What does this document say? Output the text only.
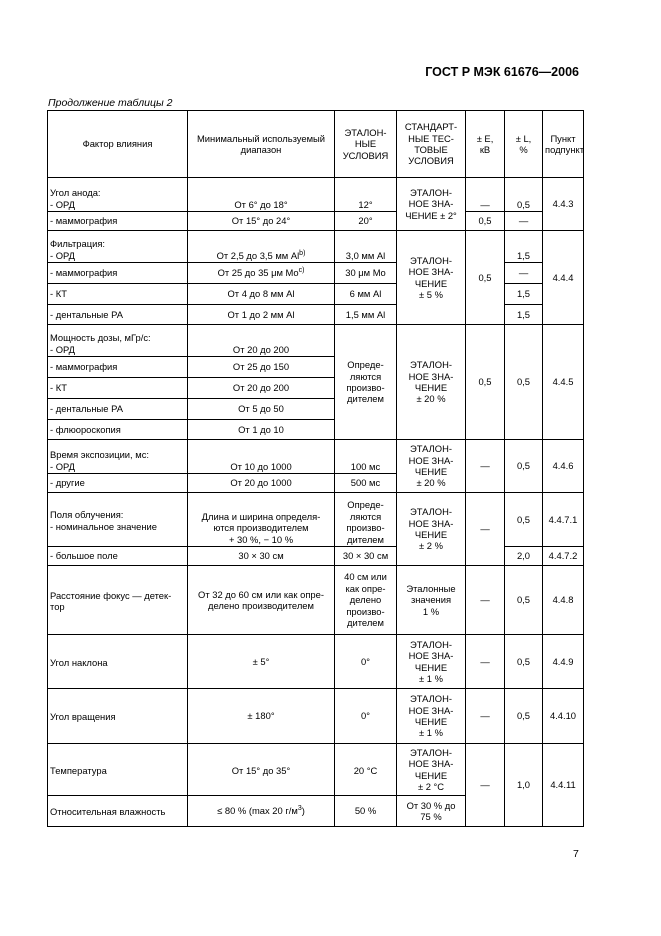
ГОСТ Р МЭК 61676—2006
Продолжение таблицы 2
Фактор влияния	Минимальный используемый диапазон	ЭТАЛОН-
НЫЕ
УСЛОВИЯ	СТАНДАРТ-
НЫЕ ТЕС-
ТОВЫЕ
УСЛОВИЯ	± E,
кВ	± L,
%	Пункт
подпункт

Угол анода:
- ОРД	От 6° до 18°	12°	ЭТАЛОН-
НОЕ ЗНА-
ЧЕНИЕ ± 2°	—	0,5	4.4.3
- маммография	От 15° до 24°	20°		0,5	—	

Фильтрация:
- ОРД	От 2,5 до 3,5 мм Al$^{b)}$	3,0 мм Al	ЭТАЛОН-
НОЕ ЗНА-
ЧЕНИЕ
± 5 %	0,5	1,5	4.4.4
- маммография	От 25 до 35 μм Mo$^{c)}$	30 μм Mo			—	
- КТ	От 4 до 8 мм Al	6 мм Al			1,5	
- дентальные РА	От 1 до 2 мм Al	1,5 мм Al			1,5	

Мощность дозы, мГр/с:
- ОРД	От 20 до 200	Опреде-
ляются
произво-
дителем	ЭТАЛОН-
НОЕ ЗНА-
ЧЕНИЕ
± 20 %	0,5	0,5	4.4.5
- маммография	От 25 до 150					
- КТ	От 20 до 200					
- дентальные РА	От 5 до 50					
- флюороскопия	От 1 до 10					

Время экспозиции, мс:
- ОРД	От 10 до 1000	100 мс	ЭТАЛОН-
НОЕ ЗНА-
ЧЕНИЕ
± 20 %	—	0,5	4.4.6
- другие	От 20 до 1000	500 мс				

Поля облучения:
- номинальное значение	Длина и ширина определя-
ются производителем
+ 30 %, − 10 %	Опреде-
ляются
произво-
дителем	ЭТАЛОН-
НОЕ ЗНА-
ЧЕНИЕ
± 2 %	—	0,5	4.4.7.1
- большое поле	30 × 30 см	30 × 30 см			2,0	4.4.7.2
Расстояние фокус — детек-
тор	От 32 до 60 см или как опре-
делено производителем	40 см или
как опре-
делено
произво-
дителем	Эталонные
значения
1 %	—	0,5	4.4.8
Угол наклона	± 5°	0°	ЭТАЛОН-
НОЕ ЗНА-
ЧЕНИЕ
± 1 %	—	0,5	4.4.9
Угол вращения	± 180°	0°	ЭТАЛОН-
НОЕ ЗНА-
ЧЕНИЕ
± 1 %	—	0,5	4.4.10
Температура	От 15° до 35°	20 °C	ЭТАЛОН-
НОЕ ЗНА-
ЧЕНИЕ
± 2 °C	—	1,0	4.4.11
Относительная влажность	≤ 80 % (max 20 $г/м^3$)	50 %	От 30 % до
75 %			
7
